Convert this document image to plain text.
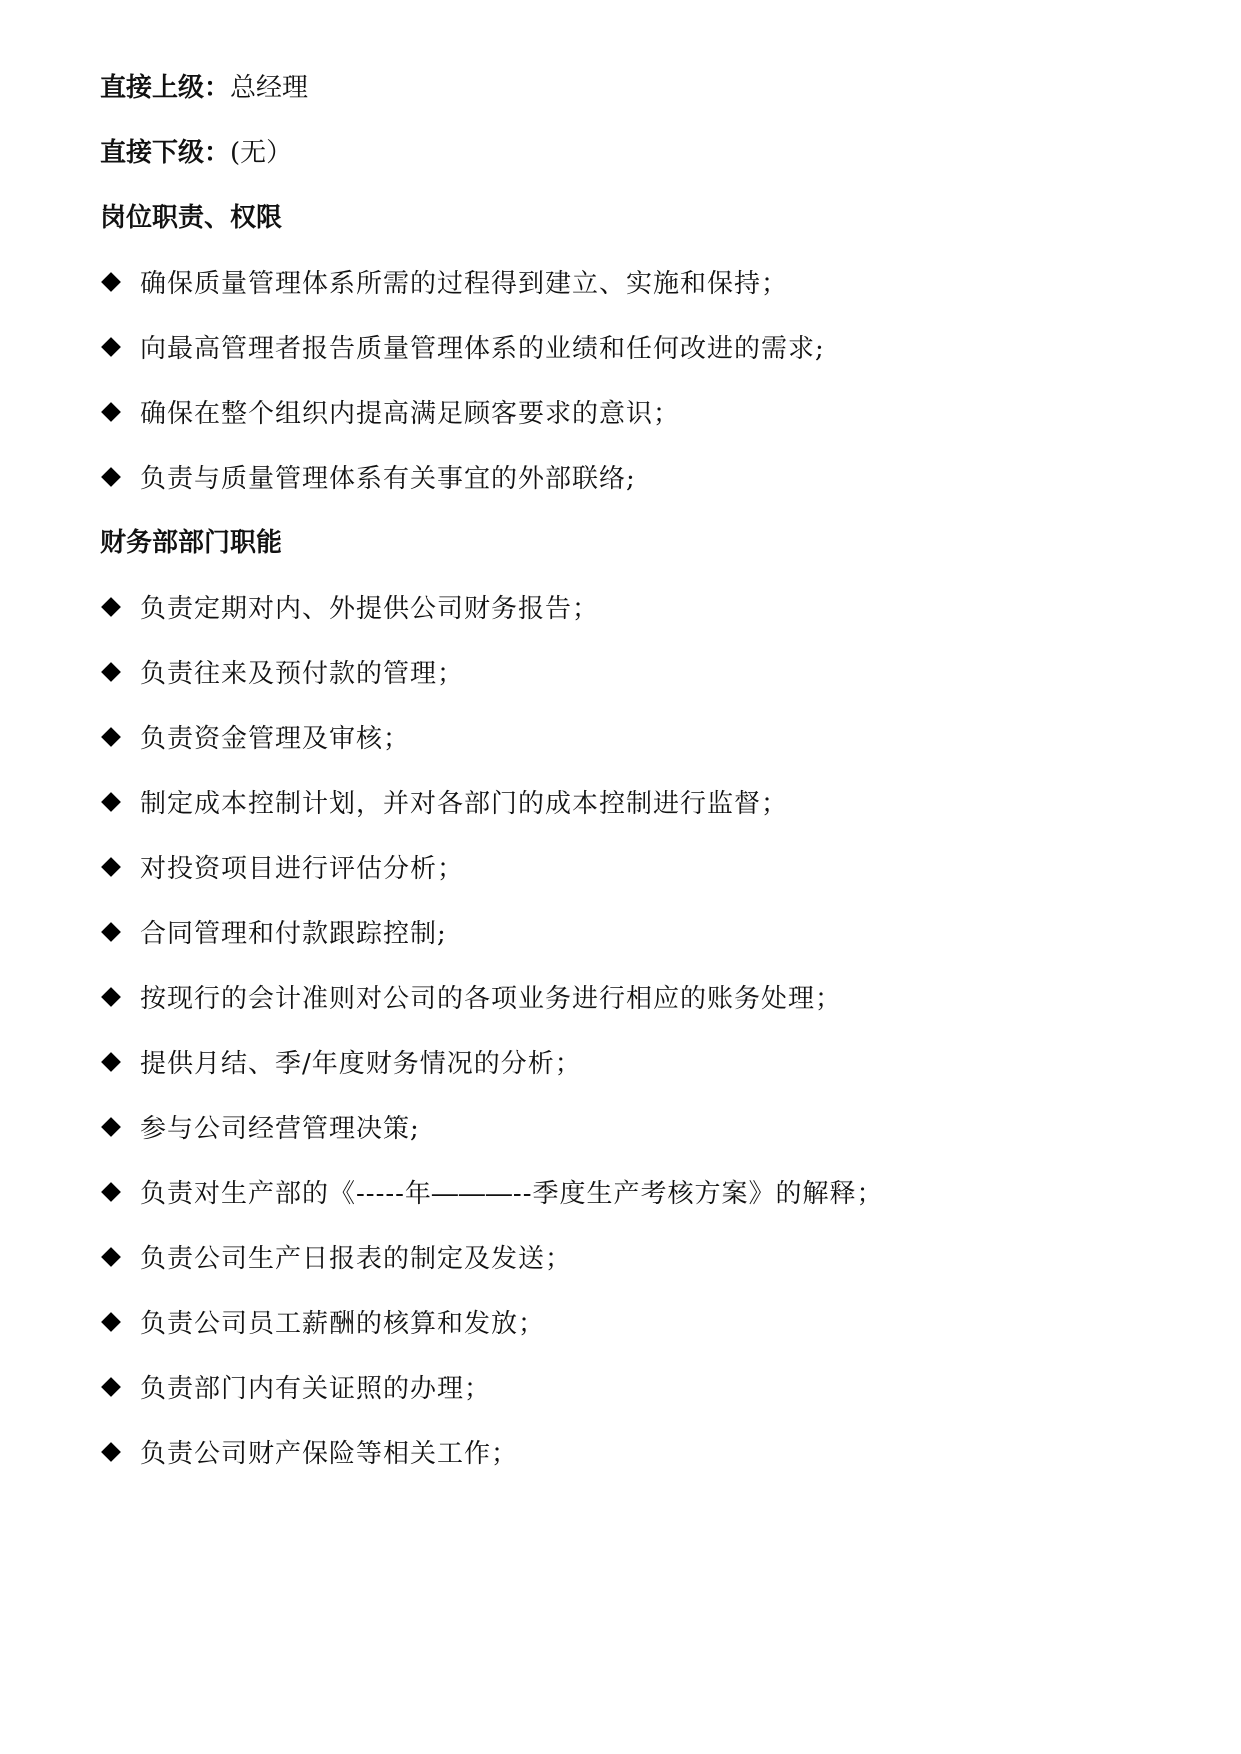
直接上级：总经理
直接下级：(无）
岗位职责、权限
确保质量管理体系所需的过程得到建立、实施和保持；
向最高管理者报告质量管理体系的业绩和任何改进的需求;
确保在整个组织内提高满足顾客要求的意识；
负责与质量管理体系有关事宜的外部联络;
财务部部门职能
负责定期对内、外提供公司财务报告；
负责往来及预付款的管理；
负责资金管理及审核；
制定成本控制计划，并对各部门的成本控制进行监督；
对投资项目进行评估分析；
合同管理和付款跟踪控制;
按现行的会计准则对公司的各项业务进行相应的账务处理；
提供月结、季/年度财务情况的分析；
参与公司经营管理决策;
负责对生产部的《-----年―――--季度生产考核方案》的解释；
负责公司生产日报表的制定及发送；
负责公司员工薪酬的核算和发放；
负责部门内有关证照的办理；
负责公司财产保险等相关工作；
